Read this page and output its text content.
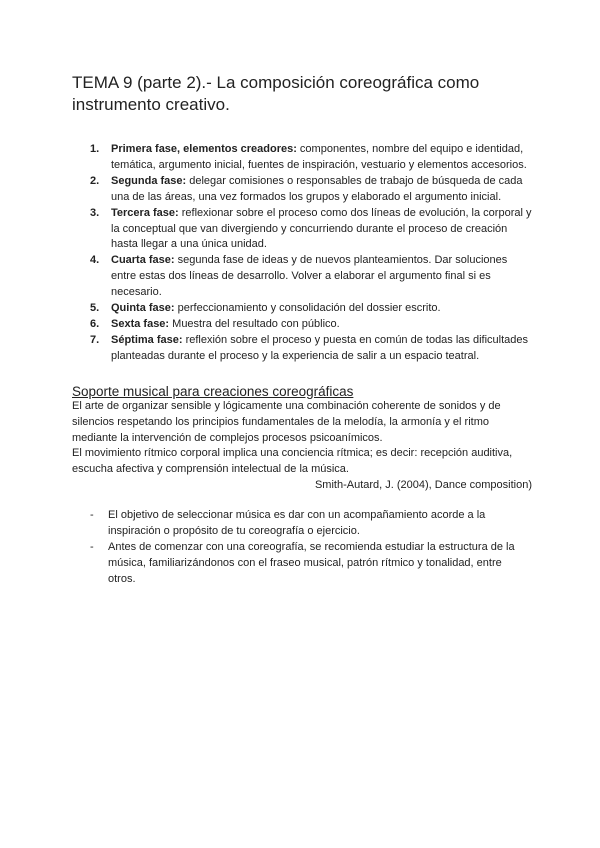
TEMA 9 (parte 2).- La composición coreográfica como
instrumento creativo.
1. Primera fase, elementos creadores: componentes, nombre del equipo e identidad, temática, argumento inicial, fuentes de inspiración, vestuario y elementos accesorios.
2. Segunda fase: delegar comisiones o responsables de trabajo de búsqueda de cada una de las áreas, una vez formados los grupos y elaborado el argumento inicial.
3. Tercera fase: reflexionar sobre el proceso como dos líneas de evolución, la corporal y la conceptual que van divergiendo y concurriendo durante el proceso de creación hasta llegar a una única unidad.
4. Cuarta fase: segunda fase de ideas y de nuevos planteamientos. Dar soluciones entre estas dos líneas de desarrollo. Volver a elaborar el argumento final si es necesario.
5. Quinta fase: perfeccionamiento y consolidación del dossier escrito.
6. Sexta fase: Muestra del resultado con público.
7. Séptima fase: reflexión sobre el proceso y puesta en común de todas las dificultades planteadas durante el proceso y la experiencia de salir a un espacio teatral.
Soporte musical para creaciones coreográficas

El arte de organizar sensible y lógicamente una combinación coherente de sonidos y de silencios respetando los principios fundamentales de la melodía, la armonía y el ritmo mediante la intervención de complejos procesos psicoanímicos.

El movimiento rítmico corporal implica una conciencia rítmica; es decir: recepción auditiva, escucha afectiva y comprensión intelectual de la música.

Smith-Autard, J. (2004), Dance composition)

- El objetivo de seleccionar música es dar con un acompañamiento acorde a la inspiración o propósito de tu coreografía o ejercicio.
- Antes de comenzar con una coreografía, se recomienda estudiar la estructura de la música, familiarizándonos con el fraseo musical, patrón rítmico y tonalidad, entre otros.
